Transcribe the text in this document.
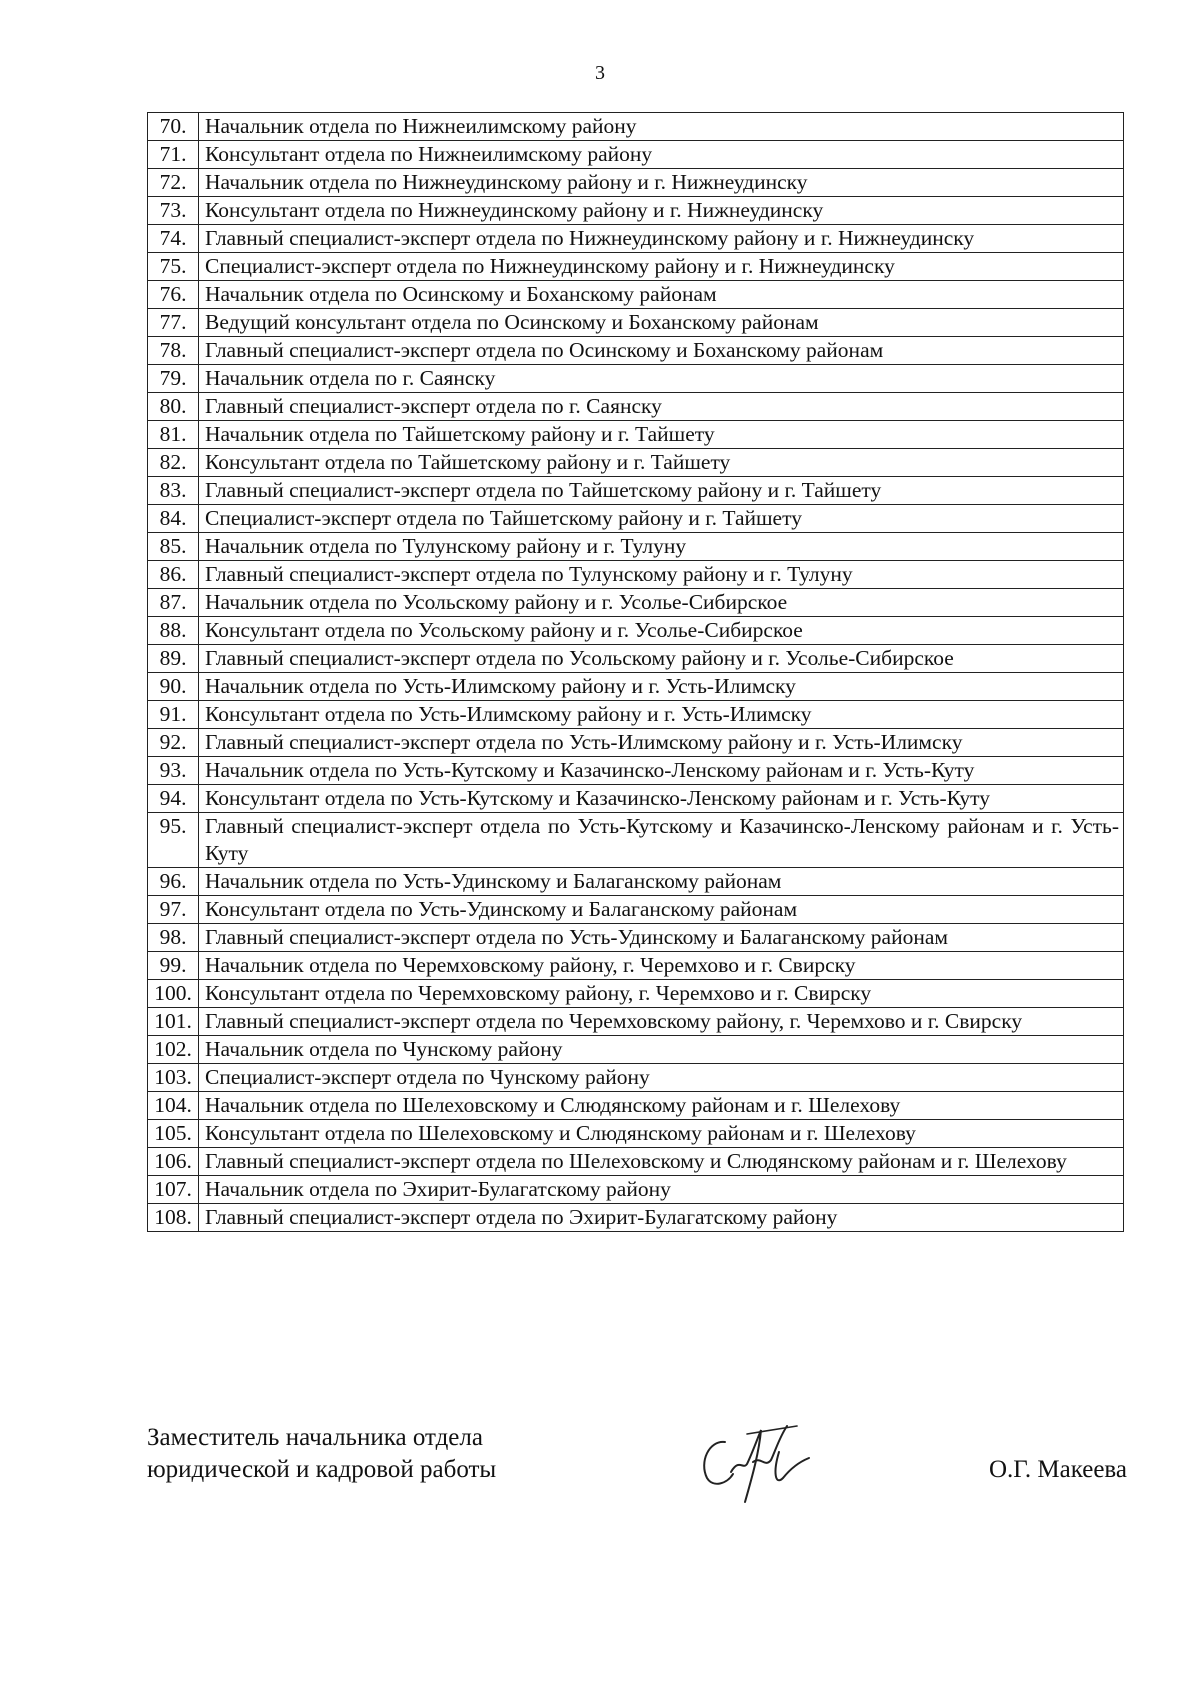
3
70.	Начальник отдела по Нижнеилимскому району
71.	Консультант отдела по Нижнеилимскому району
72.	Начальник отдела по Нижнеудинскому району и г. Нижнеудинску
73.	Консультант отдела по Нижнеудинскому району и г. Нижнеудинску
74.	Главный специалист-эксперт отдела по Нижнеудинскому району и г. Нижнеудинску
75.	Специалист-эксперт отдела по Нижнеудинскому району и г. Нижнеудинску
76.	Начальник отдела по Осинскому и Боханскому районам
77.	Ведущий консультант отдела по Осинскому и Боханскому районам
78.	Главный специалист-эксперт отдела по Осинскому и Боханскому районам
79.	Начальник отдела по г. Саянску
80.	Главный специалист-эксперт отдела по г. Саянску
81.	Начальник отдела по Тайшетскому району и г. Тайшету
82.	Консультант отдела по Тайшетскому району и г. Тайшету
83.	Главный специалист-эксперт отдела по Тайшетскому району и г. Тайшету
84.	Специалист-эксперт отдела по Тайшетскому району и г. Тайшету
85.	Начальник отдела по Тулунскому району и г. Тулуну
86.	Главный специалист-эксперт отдела по Тулунскому району и г. Тулуну
87.	Начальник отдела по Усольскому району и г. Усолье-Сибирское
88.	Консультант отдела по Усольскому району и г. Усолье-Сибирское
89.	Главный специалист-эксперт отдела по Усольскому району и г. Усолье-Сибирское
90.	Начальник отдела по Усть-Илимскому району и г. Усть-Илимску
91.	Консультант отдела по Усть-Илимскому району и г. Усть-Илимску
92.	Главный специалист-эксперт отдела по Усть-Илимскому району и г. Усть-Илимску
93.	Начальник отдела по Усть-Кутскому и Казачинско-Ленскому районам и г. Усть-Куту
94.	Консультант отдела по Усть-Кутскому и Казачинско-Ленскому районам и г. Усть-Куту
95.	Главный специалист-эксперт отдела по Усть-Кутскому и Казачинско-Ленскому районам и г. Усть-Куту
96.	Начальник отдела по Усть-Удинскому и Балаганскому районам
97.	Консультант отдела по Усть-Удинскому и Балаганскому районам
98.	Главный специалист-эксперт отдела по Усть-Удинскому и Балаганскому районам
99.	Начальник отдела по Черемховскому району, г. Черемхово и г. Свирску
100.	Консультант отдела по Черемховскому району, г. Черемхово и г. Свирску
101.	Главный специалист-эксперт отдела по Черемховскому району, г. Черемхово и г. Свирску
102.	Начальник отдела по Чунскому району
103.	Специалист-эксперт отдела по Чунскому району
104.	Начальник отдела по Шелеховскому и Слюдянскому районам и г. Шелехову
105.	Консультант отдела по Шелеховскому и Слюдянскому районам и г. Шелехову
106.	Главный специалист-эксперт отдела по Шелеховскому и Слюдянскому районам и г. Шелехову
107.	Начальник отдела по Эхирит-Булагатскому району
108.	Главный специалист-эксперт отдела по Эхирит-Булагатскому району
Заместитель начальника отдела
юридической и кадровой работы	О.Г. Макеева
